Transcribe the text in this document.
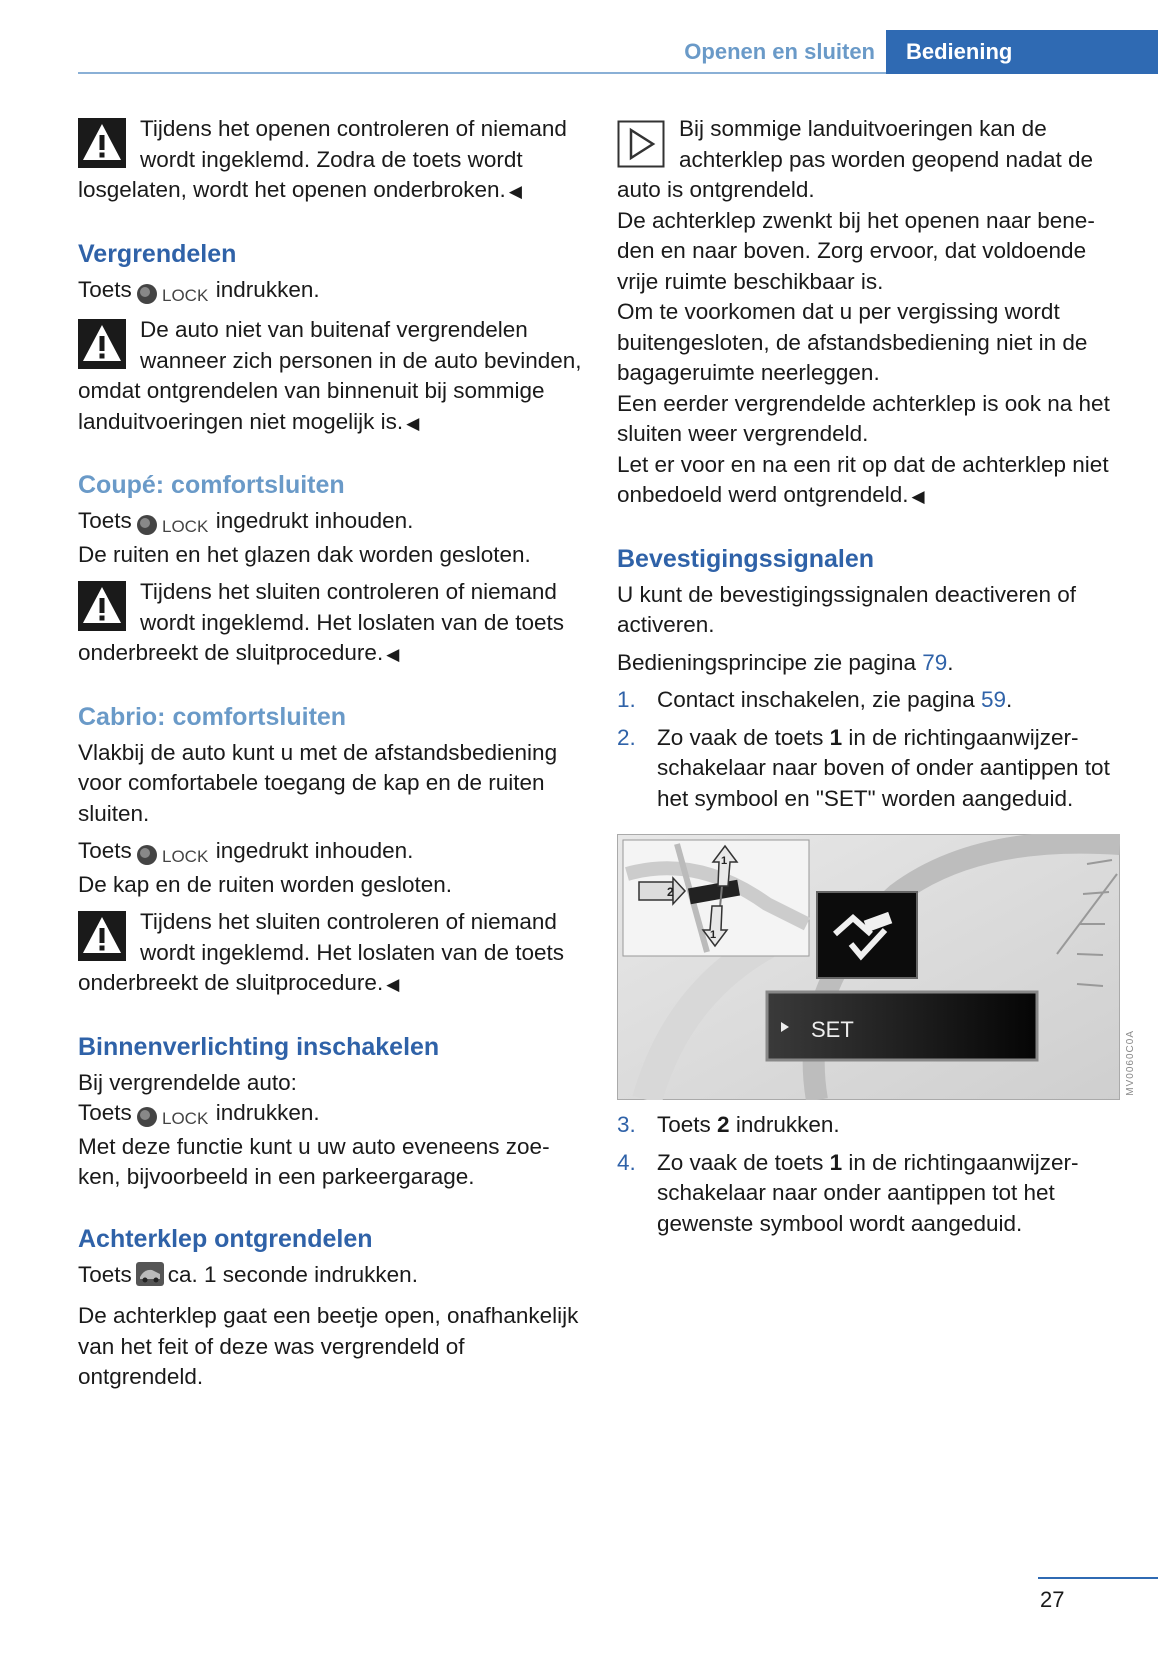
Openen en sluiten	Bediening
Tijdens het openen controleren of niemand wordt ingeklemd. Zodra de toets wordt losgelaten, wordt het openen onderbroken. ◀
Vergrendelen

Toets LOCK indrukken.

De auto niet van buitenaf vergrendelen wanneer zich personen in de auto bevinden, omdat ontgrendelen van binnenuit bij sommige landuitvoeringen niet mogelijk is. ◀
Coupé: comfortsluiten

Toets LOCK ingedrukt inhouden.

De ruiten en het glazen dak worden gesloten.

Tijdens het sluiten controleren of niemand wordt ingeklemd. Het loslaten van de toets onderbreekt de sluitprocedure. ◀
Cabrio: comfortsluiten

Vlakbij de auto kunt u met de afstandsbediening voor comfortabele toegang de kap en de ruiten sluiten.

Toets LOCK ingedrukt inhouden.

De kap en de ruiten worden gesloten.

Tijdens het sluiten controleren of niemand wordt ingeklemd. Het loslaten van de toets onderbreekt de sluitprocedure. ◀
Binnenverlichting inschakelen

Bij vergrendelde auto:

Toets LOCK indrukken.

Met deze functie kunt u uw auto eveneens zoeken, bijvoorbeeld in een parkeergarage.

Achterklep ontgrendelen

Toets ca. 1 seconde indrukken.

De achterklep gaat een beetje open, onafhankelijk van het feit of deze was vergrendeld of ontgrendeld.

Bij sommige landuitvoeringen kan de achterklep pas worden geopend nadat de auto is ontgrendeld.

De achterklep zwenkt bij het openen naar beneden en naar boven. Zorg ervoor, dat voldoende vrije ruimte beschikbaar is.

Om te voorkomen dat u per vergissing wordt buitengesloten, de afstandsbediening niet in de bagageruimte neerleggen.

Een eerder vergrendelde achterklep is ook na het sluiten weer vergrendeld.

Let er voor en na een rit op dat de achterklep niet onbedoeld werd ontgrendeld. ◀

Bevestigingssignalen

U kunt de bevestigingssignalen deactiveren of activeren.

Bedieningsprincipe zie pagina 79.

1. Contact inschakelen, zie pagina 59.
2. Zo vaak de toets 1 in de richtingaanwijzerschakelaar naar boven of onder aantippen tot het symbool en "SET" worden aangeduid.
2
1
1
SET
MV0060C0A
3. Toets 2 indrukken.
4. Zo vaak de toets 1 in de richtingaanwijzerschakelaar naar onder aantippen tot het gewenste symbool wordt aangeduid.
27
